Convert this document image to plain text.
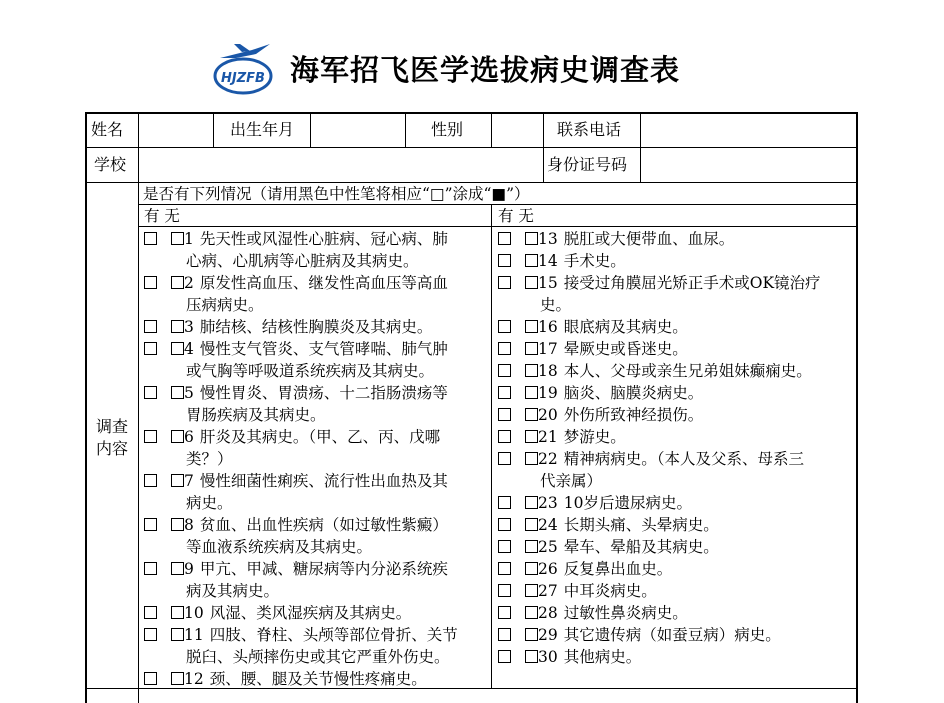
HJZFB 海军招飞医学选拔病史调查表
姓名	出生年月	性别	联系电话
学校	身份证号码
调查
内容
是否有下列情况（请用黑色中性笔将相应“□”涂成“■”）
有 无	有 无
1 先天性或风湿性心脏病、冠心病、肺
心病、心肌病等心脏病及其病史。
2 原发性高血压、继发性高血压等高血
压病病史。
3 肺结核、结核性胸膜炎及其病史。
4 慢性支气管炎、支气管哮喘、肺气肿
或气胸等呼吸道系统疾病及其病史。
5 慢性胃炎、胃溃疡、十二指肠溃疡等
胃肠疾病及其病史。
6 肝炎及其病史。（甲、乙、丙、戊哪
类？）
7 慢性细菌性痢疾、流行性出血热及其
病史。
8 贫血、出血性疾病（如过敏性紫癜）
等血液系统疾病及其病史。
9 甲亢、甲减、糖尿病等内分泌系统疾
病及其病史。
10 风湿、类风湿疾病及其病史。
11 四肢、脊柱、头颅等部位骨折、关节
脱臼、头颅摔伤史或其它严重外伤史。
12 颈、腰、腿及关节慢性疼痛史。
13 脱肛或大便带血、血尿。
14 手术史。
15 接受过角膜屈光矫正手术或OK镜治疗
史。
16 眼底病及其病史。
17 晕厥史或昏迷史。
18 本人、父母或亲生兄弟姐妹癫痫史。
19 脑炎、脑膜炎病史。
20 外伤所致神经损伤。
21 梦游史。
22 精神病病史。（本人及父系、母系三
代亲属）
23 10岁后遗尿病史。
24 长期头痛、头晕病史。
25 晕车、晕船及其病史。
26 反复鼻出血史。
27 中耳炎病史。
28 过敏性鼻炎病史。
29 其它遗传病（如蚕豆病）病史。
30 其他病史。
